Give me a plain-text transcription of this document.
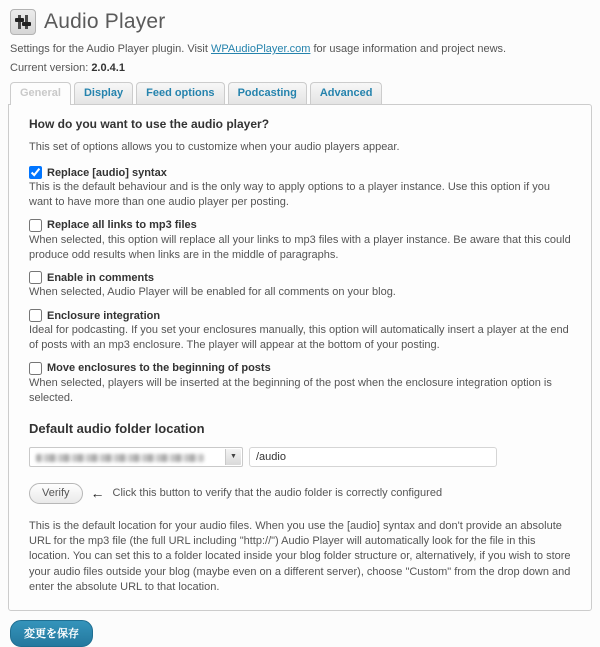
Audio Player
Settings for the Audio Player plugin. Visit WPAudioPlayer.com for usage information and project news.
Current version: 2.0.4.1
General	Display	Feed options	Podcasting	Advanced
How do you want to use the audio player?
This set of options allows you to customize when your audio players appear.
Replace [audio] syntax
This is the default behaviour and is the only way to apply options to a player instance. Use this option if you want to have more than one audio player per posting.
Replace all links to mp3 files
When selected, this option will replace all your links to mp3 files with a player instance. Be aware that this could produce odd results when links are in the middle of paragraphs.
Enable in comments
When selected, Audio Player will be enabled for all comments on your blog.
Enclosure integration
Ideal for podcasting. If you set your enclosures manually, this option will automatically insert a player at the end of posts with an mp3 enclosure. The player will appear at the bottom of your posting.
Move enclosures to the beginning of posts
When selected, players will be inserted at the beginning of the post when the enclosure integration option is selected.
Default audio folder location
▼
/audio
Verify	← Click this button to verify that the audio folder is correctly configured
This is the default location for your audio files. When you use the [audio] syntax and don't provide an absolute URL for the mp3 file (the full URL including "http://") Audio Player will automatically look for the file in this location. You can set this to a folder located inside your blog folder structure or, alternatively, if you wish to store your audio files outside your blog (maybe even on a different server), choose "Custom" from the drop down and enter the absolute URL to that location.
変更を保存
